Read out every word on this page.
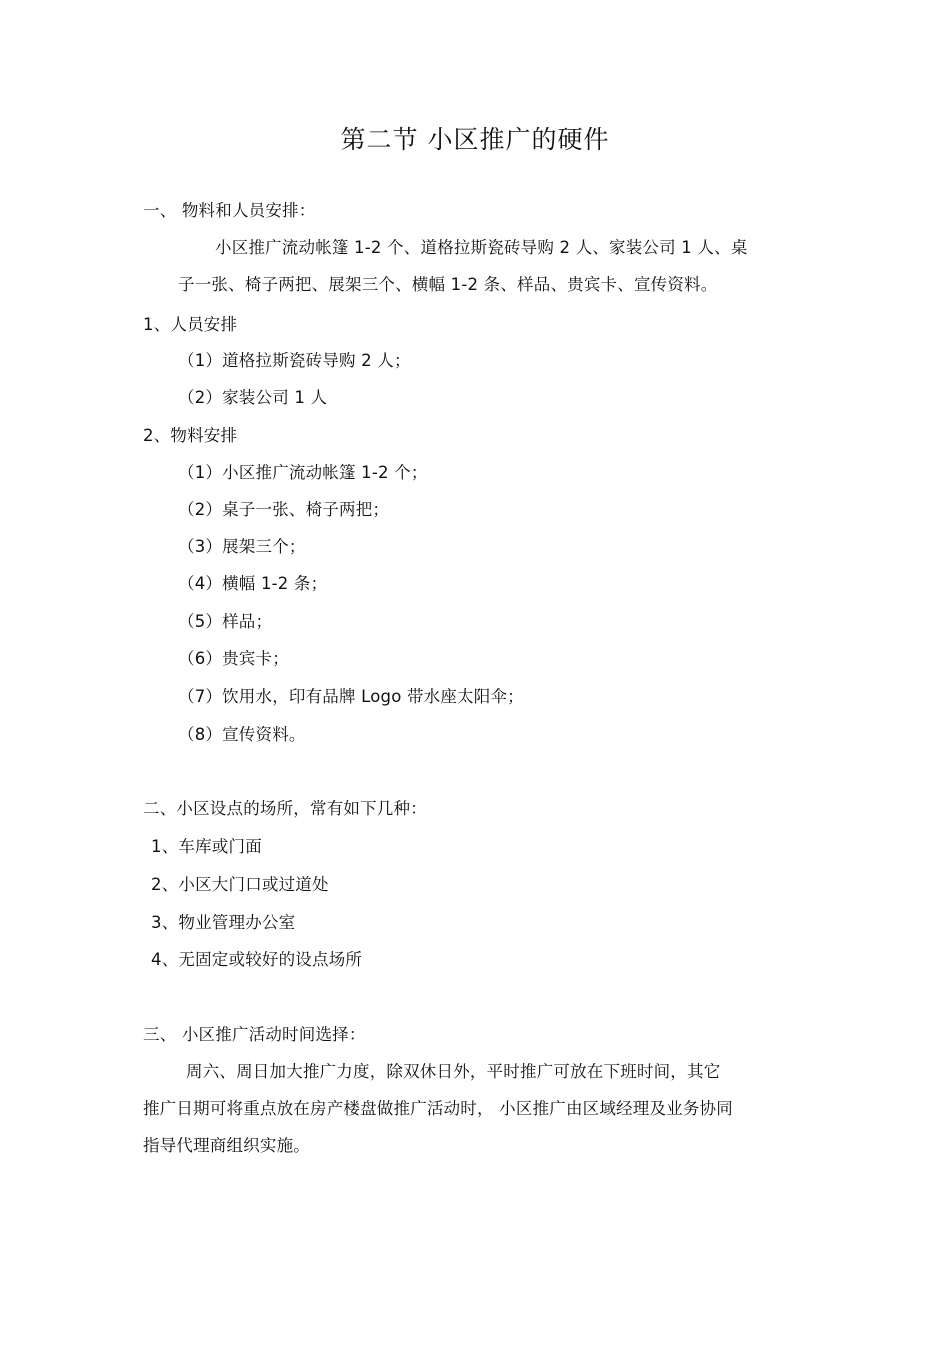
第二节 小区推广的硬件
一、 物料和人员安排：
小区推广流动帐篷 1-2 个、道格拉斯瓷砖导购 2 人、家装公司 1 人、桌
子一张、椅子两把、展架三个、横幅 1-2 条、样品、贵宾卡、宣传资料。
1、人员安排
（1）道格拉斯瓷砖导购 2 人；
（2）家装公司 1 人
2、物料安排
（1）小区推广流动帐篷 1-2 个；
（2）桌子一张、椅子两把；
（3）展架三个；
（4）横幅 1-2 条；
（5）样品；
（6）贵宾卡；
（7）饮用水，印有品牌 Logo 带水座太阳伞；
（8）宣传资料。
二、小区设点的场所，常有如下几种：
1、车库或门面
2、小区大门口或过道处
3、物业管理办公室
4、无固定或较好的设点场所
三、 小区推广活动时间选择：
周六、周日加大推广力度，除双休日外，平时推广可放在下班时间，其它
推广日期可将重点放在房产楼盘做推广活动时， 小区推广由区域经理及业务协同
指导代理商组织实施。
